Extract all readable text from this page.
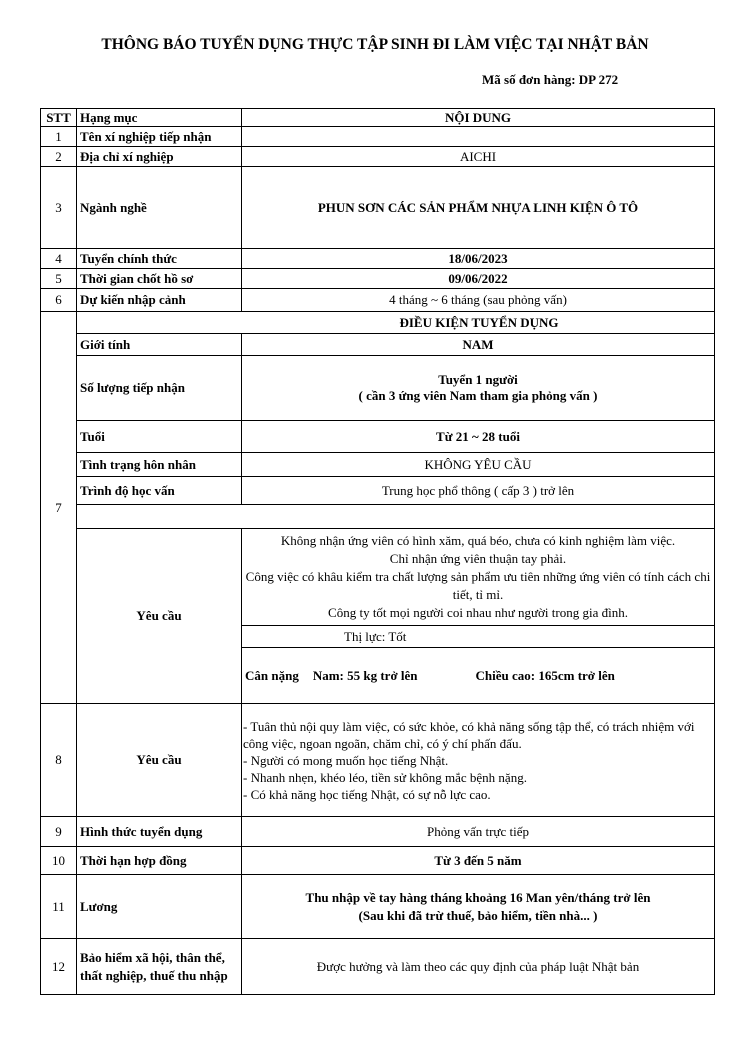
THÔNG BÁO TUYỂN DỤNG THỰC TẬP SINH ĐI LÀM VIỆC TẠI NHẬT BẢN
Mã số đơn hàng: DP 272
STT	Hạng mục	NỘI DUNG
1	Tên xí nghiệp tiếp nhận	
2	Địa chỉ xí nghiệp	AICHI
3	Ngành nghề	PHUN SƠN CÁC SẢN PHẨM NHỰA LINH KIỆN Ô TÔ
4	Tuyển chính thức	18/06/2023
5	Thời gian chốt hồ sơ	09/06/2022
6	Dự kiến nhập cảnh	4 tháng ~ 6 tháng (sau phỏng vấn)
7	ĐIỀU KIỆN TUYỂN DỤNG	
	Giới tính	NAM
	Số lượng tiếp nhận	Tuyển 1 người
( cần 3 ứng viên Nam tham gia phỏng vấn )

	Tuổi	Từ 21 ~ 28 tuổi
	Tình trạng hôn nhân	KHÔNG YÊU CẦU
	Trình độ học vấn	Trung học phổ thông ( cấp 3 ) trở lên

	Yêu cầu	Không nhận ứng viên có hình xăm, quá béo, chưa có kinh nghiệm làm việc.
Chỉ nhận ứng viên thuận tay phải.
Công việc có khâu kiểm tra chất lượng sản phẩm ưu tiên những ứng viên có tính cách chi tiết, tỉ mỉ.
Công ty tốt mọi người coi nhau như người trong gia đình.

		Thị lực: Tốt
		Cân nặng Nam: 55 kg trở lên Chiều cao: 165cm trở lên
8	Yêu cầu	- Tuân thủ nội quy làm việc, có sức khỏe, có khả năng sống tập thể, có trách nhiệm với công việc, ngoan ngoãn, chăm chỉ, có ý chí phấn đấu.
- Người có mong muốn học tiếng Nhật.
- Nhanh nhẹn, khéo léo, tiền sử không mắc bệnh nặng.
- Có khả năng học tiếng Nhật, có sự nỗ lực cao.

9	Hình thức tuyển dụng	Phỏng vấn trực tiếp
10	Thời hạn hợp đồng	Từ 3 đến 5 năm
11	Lương	Thu nhập về tay hàng tháng khoảng 16 Man yên/tháng trở lên
(Sau khi đã trừ thuế, bảo hiểm, tiền nhà... )

12	Bảo hiểm xã hội, thân thể, thất nghiệp, thuế thu nhập	Được hưởng và làm theo các quy định của pháp luật Nhật bản
